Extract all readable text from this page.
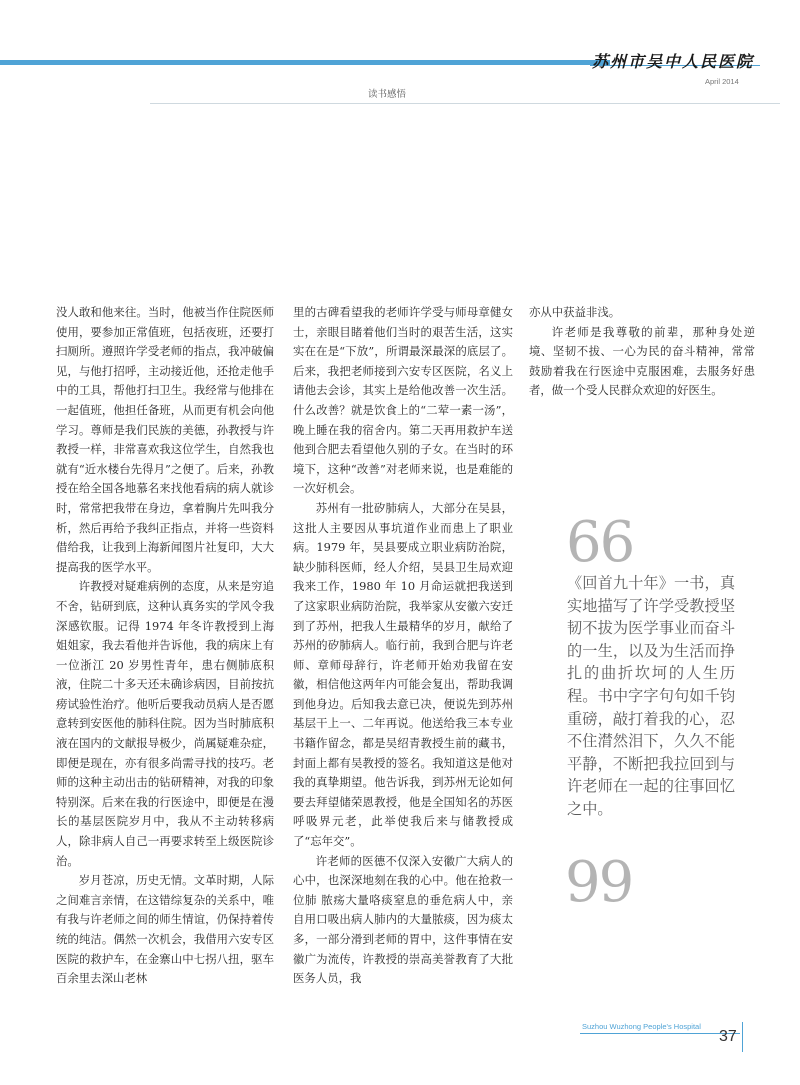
苏州市吴中人民医院
April 2014
读书感悟

没人敢和他来往。当时，他被当作住院医师使用，要参加正常值班，包括夜班，还要打扫厕所。遵照许学受老师的指点，我冲破偏见，与他打招呼，主动接近他，还抢走他手中的工具，帮他打扫卫生。我经常与他排在一起值班，他担任备班，从而更有机会向他学习。尊师是我们民族的美德，孙教授与许教授一样，非常喜欢我这位学生，自然我也就有“近水楼台先得月”之便了。后来，孙教授在给全国各地慕名来找他看病的病人就诊时，常常把我带在身边，拿着胸片先叫我分析，然后再给予我纠正指点，并将一些资料借给我，让我到上海新闻图片社复印，大大提高我的医学水平。

许教授对疑难病例的态度，从来是穷追不舍，钻研到底，这种认真务实的学风令我深感钦服。记得 1974 年冬许教授到上海姐姐家，我去看他并告诉他，我的病床上有一位浙江 20 岁男性青年，患右侧肺底积液，住院二十多天还未确诊病因，目前按抗痨试验性治疗。他听后要我动员病人是否愿意转到安医他的肺科住院。因为当时肺底积液在国内的文献报导极少，尚属疑难杂症，即便是现在，亦有很多尚需寻找的技巧。老师的这种主动出击的钻研精神，对我的印象特别深。后来在我的行医途中，即便是在漫长的基层医院岁月中，我从不主动转移病人，除非病人自己一再要求转至上级医院诊治。

岁月苍凉，历史无情。文革时期，人际之间难言亲情，在这错综复杂的关系中，唯有我与许老师之间的师生情谊，仍保持着传统的纯洁。偶然一次机会，我借用六安专区医院的救护车，在金寨山中七拐八扭，驱车百余里去深山老林

里的古碑看望我的老师许学受与师母章健女士，亲眼目睹着他们当时的艰苦生活，这实实在在是“下放”，所谓最深最深的底层了。后来，我把老师接到六安专区医院，名义上请他去会诊，其实上是给他改善一次生活。什么改善？就是饮食上的“二荤一素一汤”，晚上睡在我的宿舍内。第二天再用救护车送他到合肥去看望他久别的子女。在当时的环境下，这种“改善”对老师来说，也是难能的一次好机会。

苏州有一批矽肺病人，大部分在吴县，这批人主要因从事坑道作业而患上了职业病。1979 年，吴县要成立职业病防治院，缺少肺科医师，经人介绍，吴县卫生局欢迎我来工作，1980 年 10 月命运就把我送到了这家职业病防治院，我举家从安徽六安迁到了苏州，把我人生最精华的岁月，献给了苏州的矽肺病人。临行前，我到合肥与许老师、章师母辞行，许老师开始劝我留在安徽，相信他这两年内可能会复出，帮助我调到他身边。后知我去意已决，便说先到苏州基层干上一、二年再说。他送给我三本专业书籍作留念，都是吴绍青教授生前的藏书，封面上都有吴教授的签名。我知道这是他对我的真挚期望。他告诉我，到苏州无论如何要去拜望储荣恩教授，他是全国知名的苏医呼吸界元老，此举使我后来与储教授成了“忘年交”。

许老师的医德不仅深入安徽广大病人的心中，也深深地刻在我的心中。他在抢救一位肺 脓疡大量咯痰窒息的垂危病人中，亲自用口吸出病人肺内的大量脓痰，因为痰太多，一部分滑到老师的胃中，这件事情在安徽广为流传，许教授的崇高美誉教育了大批医务人员，我

亦从中获益非浅。

许老师是我尊敬的前辈，那种身处逆境、坚韧不拔、一心为民的奋斗精神，常常鼓励着我在行医途中克服困难，去服务好患者，做一个受人民群众欢迎的好医生。

66
《回首九十年》一书，真实地描写了许学受教授坚韧不拔为医学事业而奋斗的一生，以及为生活而挣扎的曲折坎坷的人生历程。书中字字句句如千钧重磅，敲打着我的心，忍不住潸然泪下，久久不能平静，不断把我拉回到与许老师在一起的往事回忆之中。
99
Suzhou Wuzhong People's Hospital
37
